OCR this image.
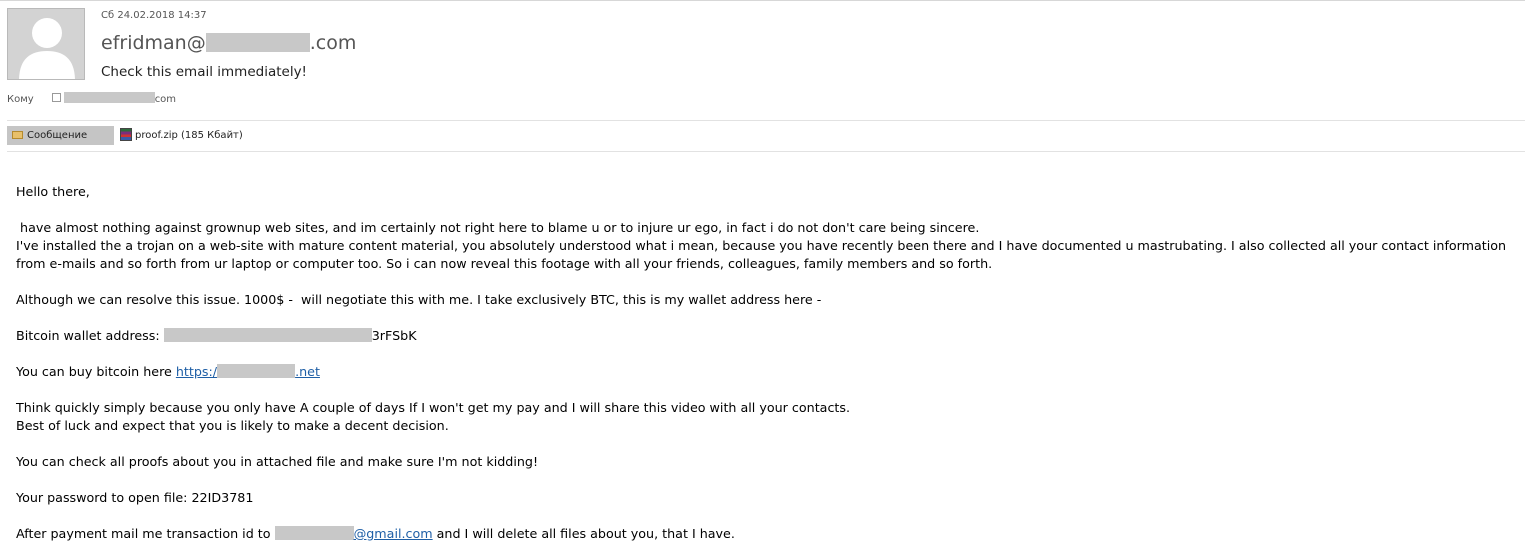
Сб 24.02.2018 14:37
efridman@	.com
Check this email immediately!
Кому	com
Сообщение	proof.zip (185 Кбайт)

Hello there,

have almost nothing against grownup web sites, and im certainly not right here to blame u or to injure ur ego, in fact i do not don't care being sincere.

I've installed the a trojan on a web-site with mature content material, you absolutely understood what i mean, because you have recently been there and I have documented u mastrubating. I also collected all your contact information from e-mails and so forth from ur laptop or computer too. So i can now reveal this footage with all your friends, colleagues, family members and so forth.

Although we can resolve this issue. 1000$ -  will negotiate this with me. I take exclusively BTC, this is my wallet address here -

Bitcoin wallet address:	3rFSbK

You can buy bitcoin here https:/	.net

Think quickly simply because you only have A couple of days If I won't get my pay and I will share this video with all your contacts.

Best of luck and expect that you is likely to make a decent decision.

You can check all proofs about you in attached file and make sure I'm not kidding!

Your password to open file: 22ID3781

After payment mail me transaction id to	@gmail.com and I will delete all files about you, that I have.
